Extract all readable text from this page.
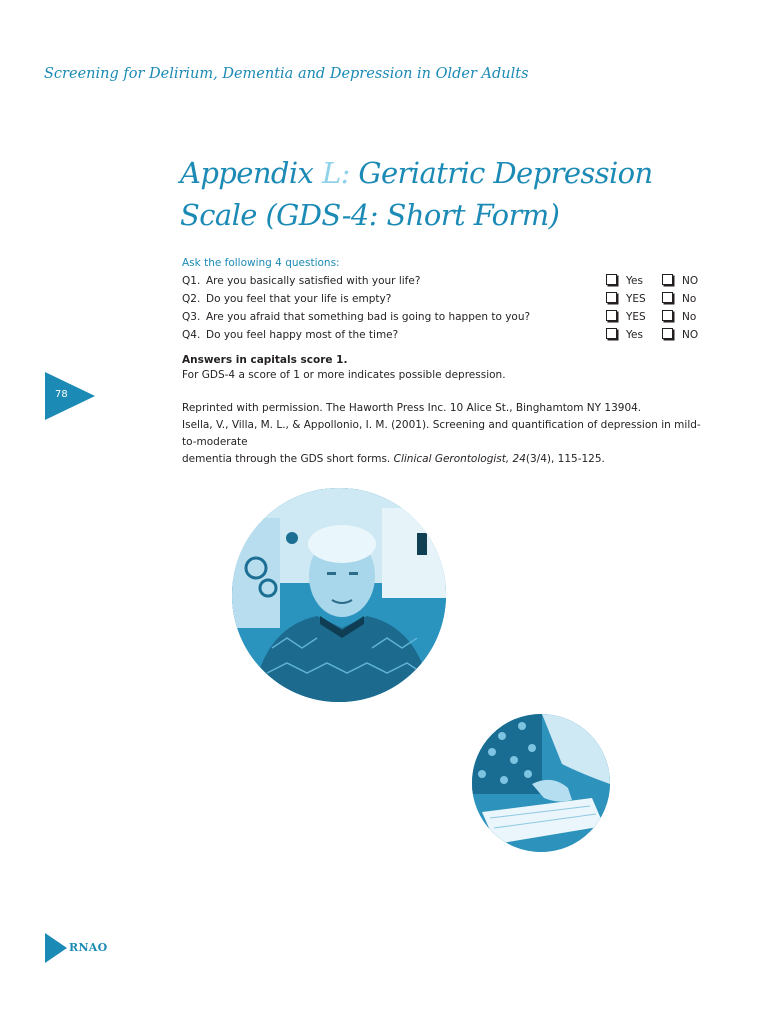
Screening for Delirium, Dementia and Depression in Older Adults
Appendix L: Geriatric Depression
Scale (GDS-4: Short Form)
Ask the following 4 questions:
Q1. Are you basically satisfied with your life?	Yes	NO
Q2. Do you feel that your life is empty?	YES	No
Q3. Are you afraid that something bad is going to happen to you?	YES	No
Q4. Do you feel happy most of the time?	Yes	NO
Answers in capitals score 1.
For GDS-4 a score of 1 or more indicates possible depression.
78
Reprinted with permission. The Haworth Press Inc. 10 Alice St., Binghamtom NY 13904.
Isella, V., Villa, M. L., & Appollonio, I. M. (2001). Screening and quantification of depression in mild-to-moderate
dementia through the GDS short forms. Clinical Gerontologist, 24(3/4), 115-125.
RNAO
